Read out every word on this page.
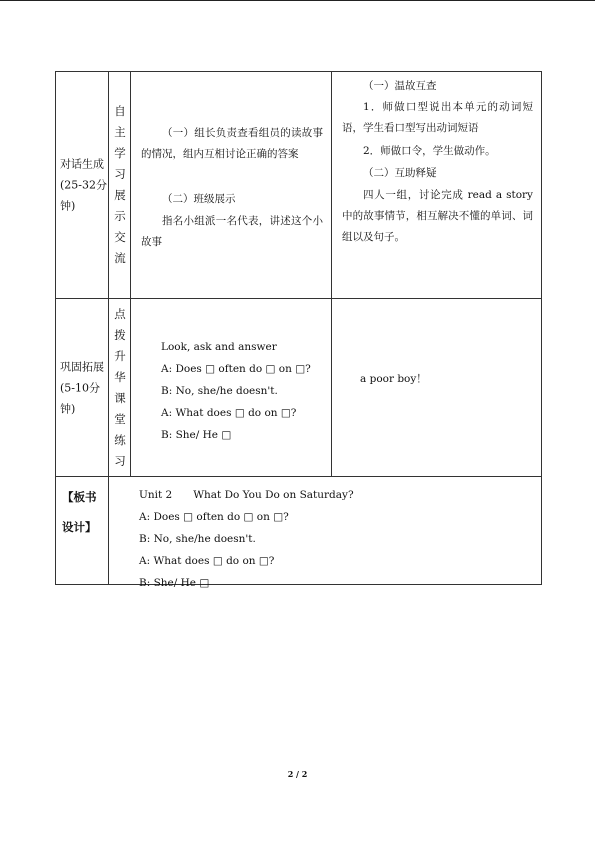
对话生成(25-32分钟)
自
主
学
习
展
示
交
流
（一）组长负责查看组员的读故事的情况，组内互相讨论正确的答案
（二）班级展示
指名小组派一名代表，讲述这个小故事
（一）温故互查
1．师做口型说出本单元的动词短语，学生看口型写出动词短语
2．师做口令，学生做动作。
（二）互助释疑
四人一组，讨论完成 read a story 中的故事情节，相互解决不懂的单词、词组以及句子。
巩固拓展(5-10分钟)
点
拨
升
华
课
堂
练
习
Look, ask and answer
A: Does □ often do □ on □?
B: No, she/he doesn't.
A: What does □ do on □?
B: She/ He □
a poor boy！
【板书
设计】
Unit 2　　What Do You Do on Saturday?
A: Does □ often do □ on □?
B: No, she/he doesn't.
A: What does □ do on □?
B: She/ He □
2 / 2
